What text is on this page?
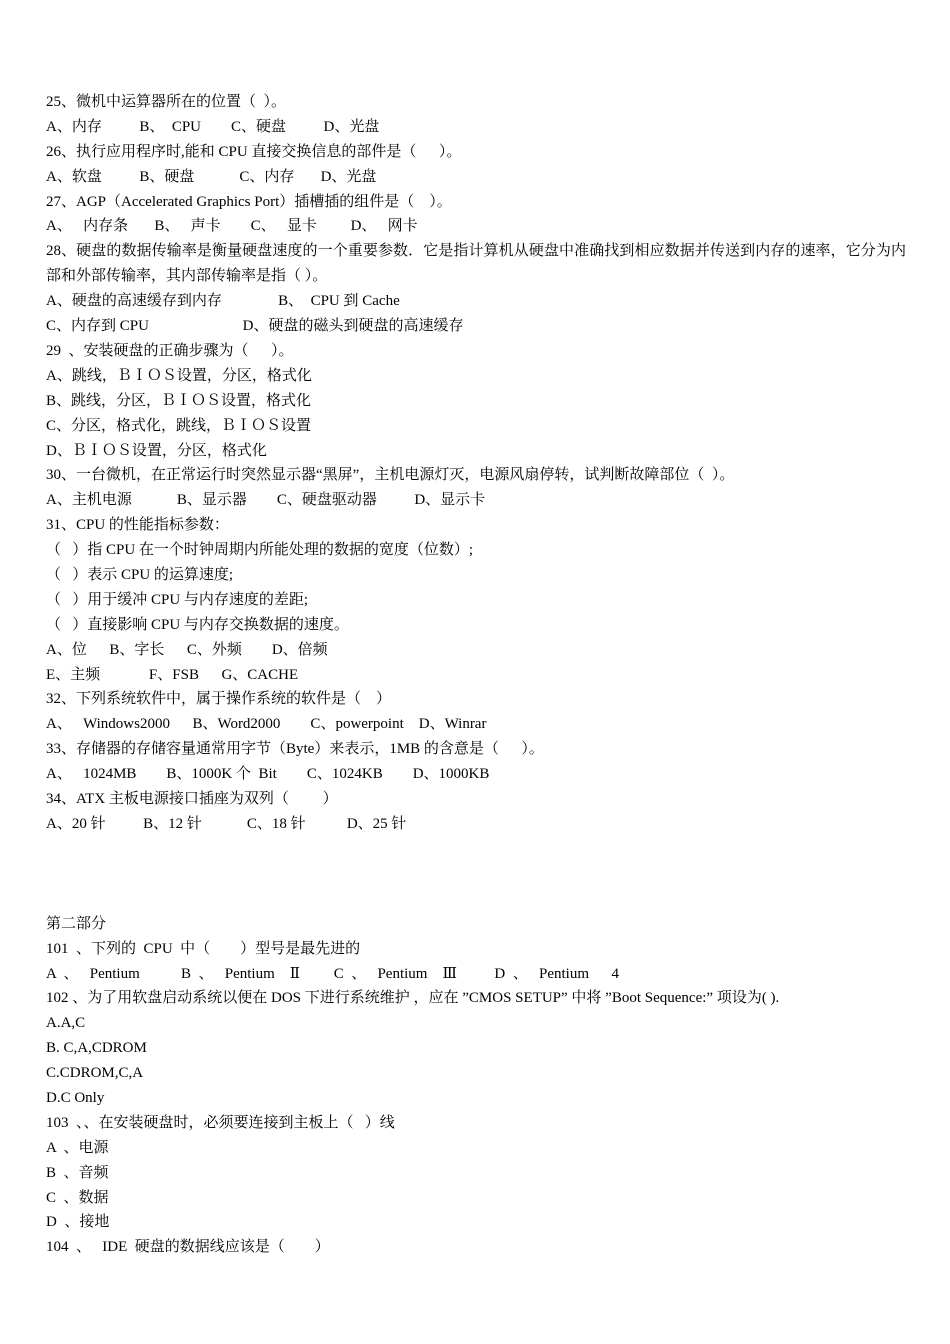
25、微机中运算器所在的位置（  ）。
A、内存          B、  CPU        C、硬盘          D、光盘
26、执行应用程序时,能和 CPU 直接交换信息的部件是（      ）。
A、软盘          B、硬盘            C、内存       D、光盘
27、AGP（Accelerated Graphics Port）插槽插的组件是（    ）。
A、   内存条       B、   声卡        C、   显卡         D、   网卡
28、硬盘的数据传输率是衡量硬盘速度的一个重要参数．它是指计算机从硬盘中准确找到相应数据并传送到内存的速率，它分为内部和外部传输率，其内部传输率是指（ ）。
A、硬盘的高速缓存到内存               B、  CPU 到 Cache
C、内存到 CPU                         D、硬盘的磁头到硬盘的高速缓存
29  、安装硬盘的正确步骤为（      ）。
A、跳线，ＢＩＯＳ设置，分区，格式化
B、跳线，分区，ＢＩＯＳ设置，格式化
C、分区，格式化，跳线，ＢＩＯＳ设置
D、ＢＩＯＳ设置，分区，格式化
30、一台微机，在正常运行时突然显示器“黑屏”，主机电源灯灭，电源风扇停转，试判断故障部位（  ）。
A、主机电源            B、显示器        C、硬盘驱动器          D、显示卡
31、CPU 的性能指标参数：
（   ）指 CPU 在一个时钟周期内所能处理的数据的宽度（位数）;
（   ）表示 CPU 的运算速度;
（   ）用于缓冲 CPU 与内存速度的差距;
（   ）直接影响 CPU 与内存交换数据的速度。
A、位      B、字长      C、外频        D、倍频
E、主频             F、FSB      G、CACHE
32、下列系统软件中，属于操作系统的软件是（    ）
A、   Windows2000      B、Word2000        C、powerpoint    D、Winrar
33、存储器的存储容量通常用字节（Byte）来表示，1MB 的含意是（      ）。
A、   1024MB        B、1000K 个  Bit        C、1024KB        D、1000KB
34、ATX 主板电源接口插座为双列（         ）
A、20 针          B、12 针            C、18 针           D、25 针
第二部分
101  、下列的  CPU  中（        ）型号是最先进的
A  、   Pentium           B  、   Pentium    Ⅱ         C  、   Pentium    Ⅲ          D  、   Pentium      4
102 、为了用软盘启动系统以便在 DOS 下进行系统维护 ，应在 ”CMOS SETUP” 中将 ”Boot Sequence:” 项设为( ).
A.A,C
B. C,A,CDROM
C.CDROM,C,A
D.C Only
103  、、在安装硬盘时，必须要连接到主板上（   ）线
A  、电源
B  、音频
C  、数据
D  、接地
104  、   IDE  硬盘的数据线应该是（        ）
